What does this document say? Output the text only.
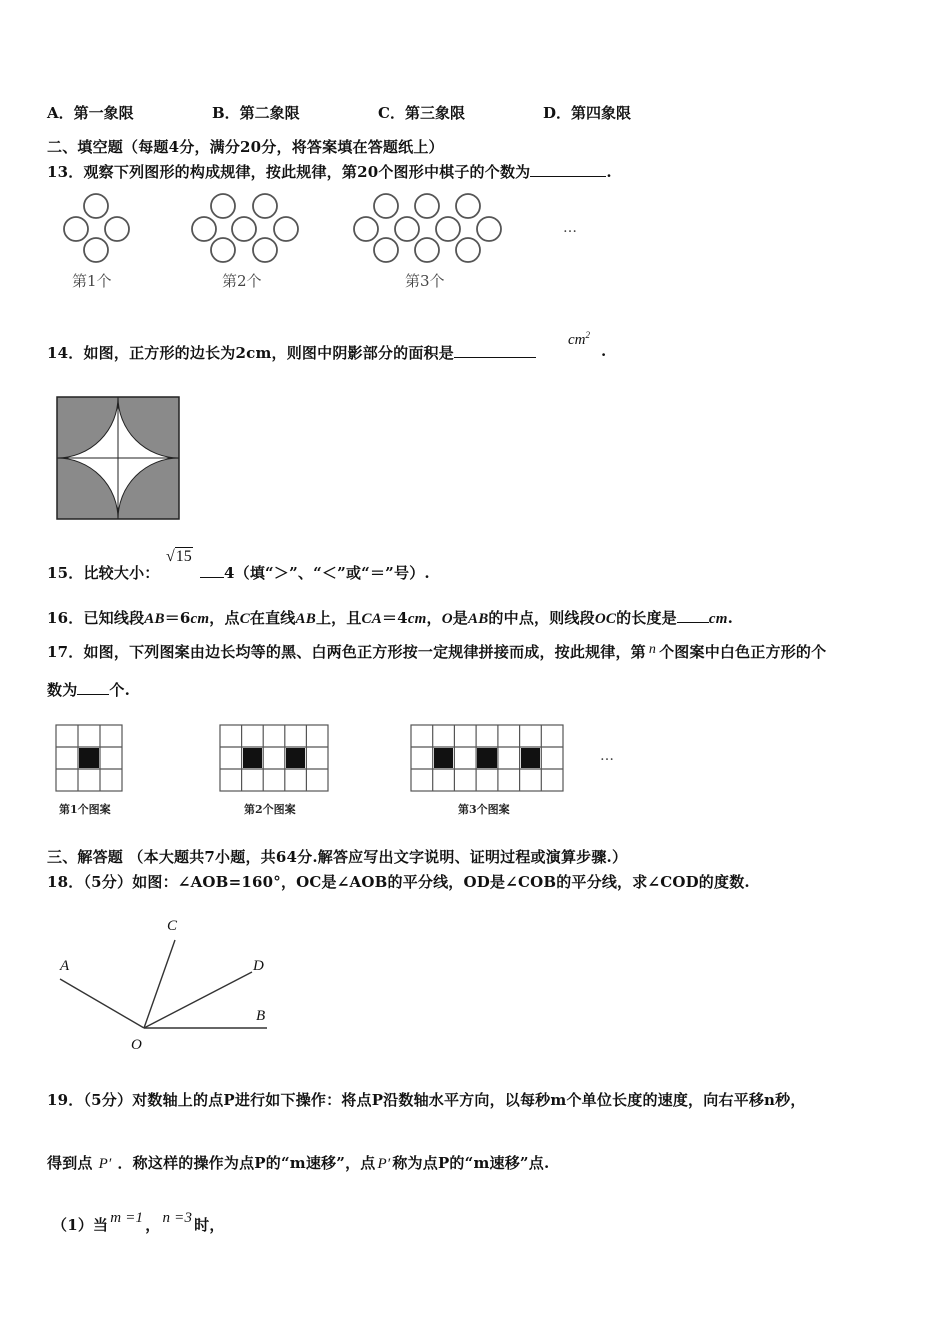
A．第一象限	B．第二象限	C．第三象限	D．第四象限
二、填空题（每题4分，满分20分，将答案填在答题纸上）
13．观察下列图形的构成规律，按此规律，第20个图形中棋子的个数为	.
第1个	第2个	第3个
…
14．如图，正方形的边长为2cm，则图中阴影部分的面积是
$cm^2$
.
15．比较大小：
√15
4（填“＞”、“＜”或“＝”号）.
16．已知线段AB＝6cm，点C在直线AB上，且CA＝4cm，O是AB的中点，则线段OC的长度是 cm.
17．如图，下列图案由边长均等的黑、白两色正方形按一定规律拼接而成，按此规律，第 n 个图案中白色正方形的个
数为 个.
第1个图案	第2个图案	第3个图案
…
三、解答题 （本大题共7小题，共64分.解答应写出文字说明、证明过程或演算步骤.）
18．（5分）如图：∠AOB=160°，OC是∠AOB的平分线，OD是∠COB的平分线，求∠COD的度数.
A
C
D
B
O
19．（5分）对数轴上的点P进行如下操作：将点P沿数轴水平方向，以每秒m个单位长度的速度，向右平移n秒，
得到点 P′ ．称这样的操作为点P的“m速移”，点 P′ 称为点P的“m速移”点.
（1）当 m =1 ， n =3 时，
